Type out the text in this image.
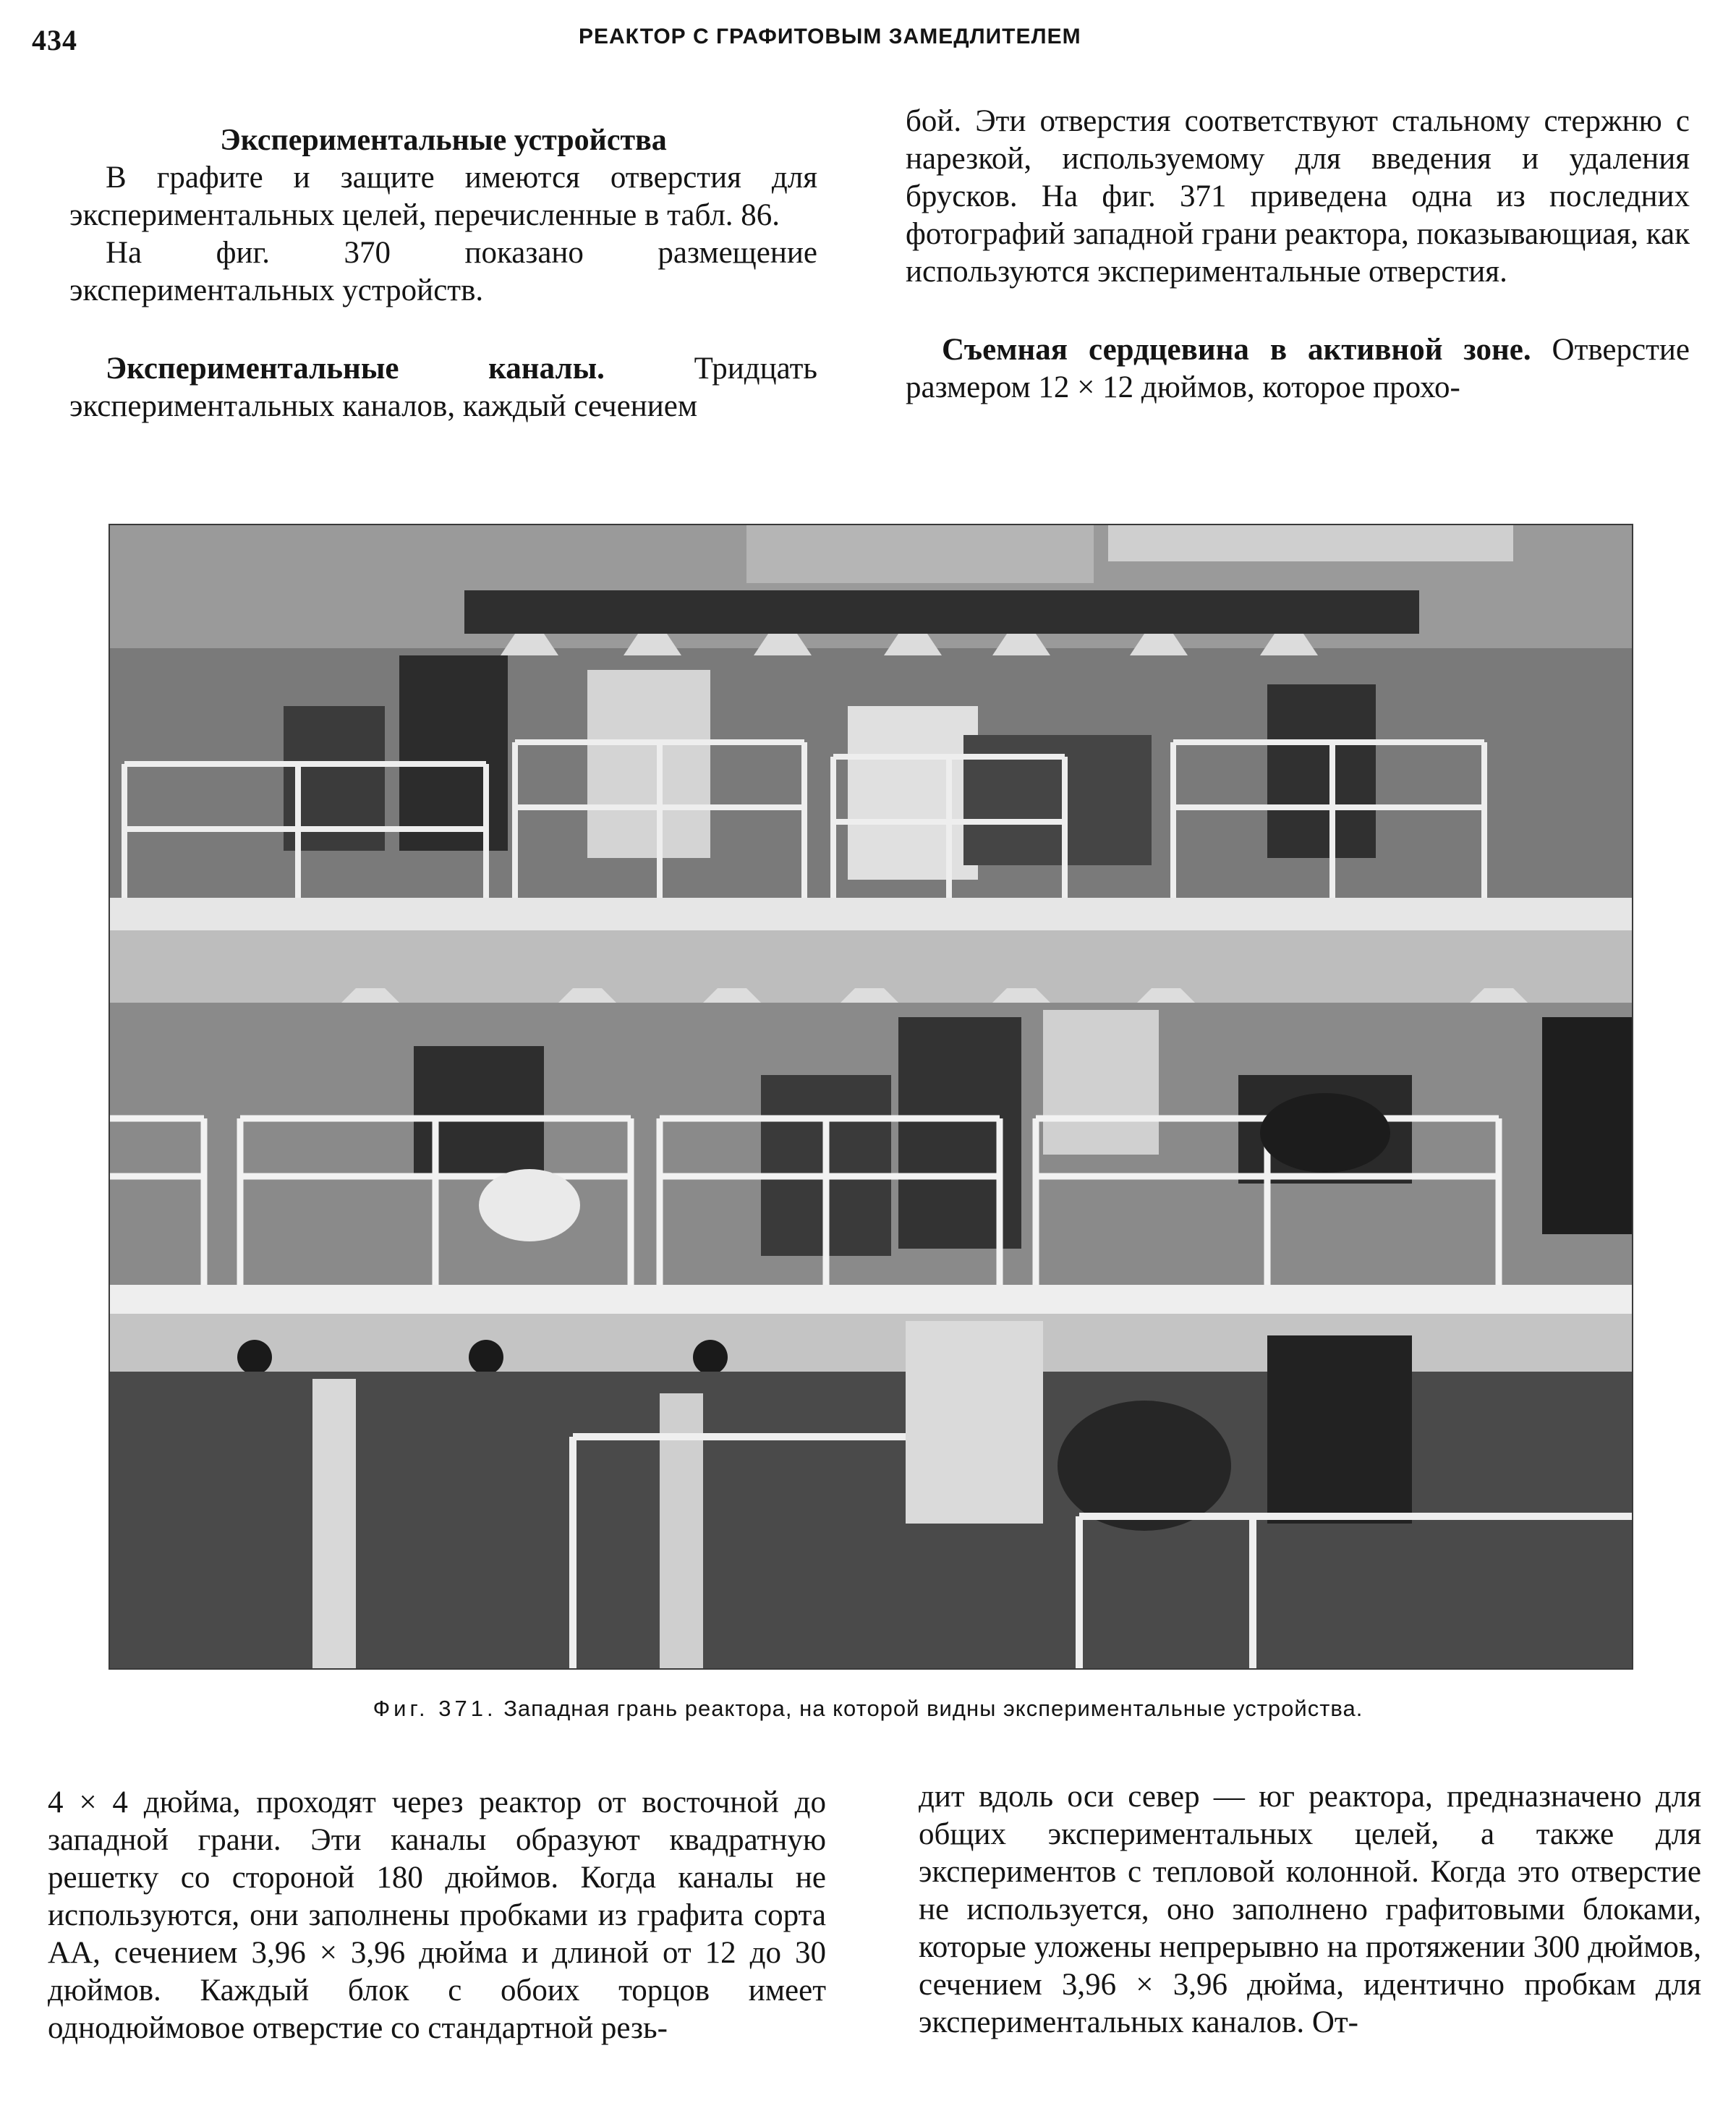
434	РЕАКТОР С ГРАФИТОВЫМ ЗАМЕДЛИТЕЛЕМ

Экспериментальные устройства

В графите и защите имеются отверстия для экспериментальных целей, перечисленные в табл. 86.

На фиг. 370 показано размещение экспериментальных устройств.

Экспериментальные каналы.	Тридцать экспериментальных каналов, каждый сечением

бой. Эти отверстия соответствуют стальному стержню с нарезкой, используемому для введения и удаления брусков. На фиг. 371 приведена одна из последних фотографий западной грани реактора, показывающиая, как используются экспериментальные отверстия.

Съемная сердцевина в активной зоне. Отверстие размером 12 × 12 дюймов, которое прохо-

Фиг. 371. Западная грань реактора, на которой видны экспериментальные устройства.

4 × 4 дюйма, проходят через реактор от восточной до западной грани. Эти каналы образуют квадратную решетку со стороной 180 дюймов. Когда каналы не используются, они заполнены пробками из графита сорта АА, сечением 3,96 × 3,96 дюйма и длиной от 12 до 30 дюймов. Каждый блок с обоих торцов имеет однодюймовое отверстие со стандартной резь-

дит вдоль оси север — юг реактора, предназначено для общих экспериментальных целей, а также для экспериментов с тепловой колонной. Когда это отверстие не используется, оно заполнено графитовыми блоками, которые уложены непрерывно на протяжении 300 дюймов, сечением 3,96 × 3,96 дюйма, идентично пробкам для экспериментальных каналов. От-
